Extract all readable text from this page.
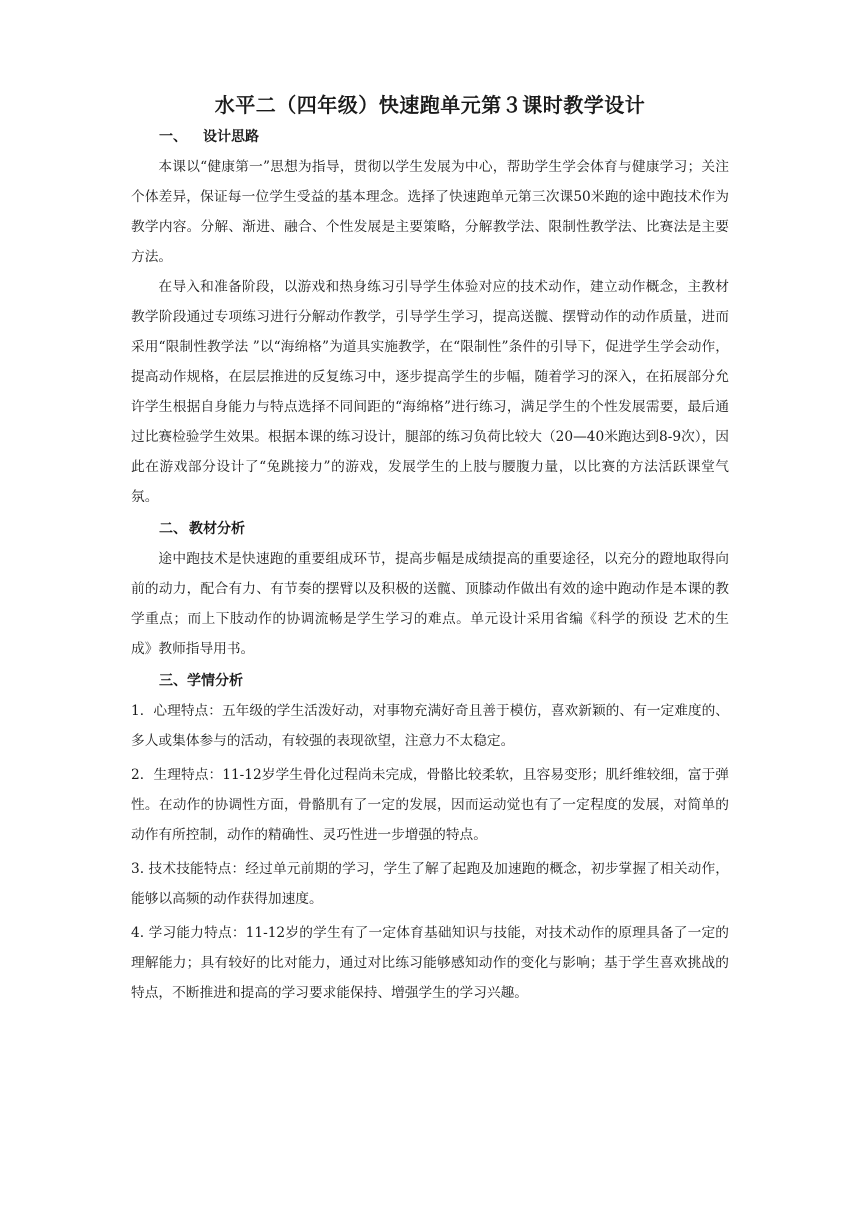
水平二（四年级）快速跑单元第３课时教学设计
一、 设计思路

本课以“健康第一”思想为指导，贯彻以学生发展为中心，帮助学生学会体育与健康学习；关注个体差异，保证每一位学生受益的基本理念。选择了快速跑单元第三次课50米跑的途中跑技术作为教学内容。分解、渐进、融合、个性发展是主要策略，分解教学法、限制性教学法、比赛法是主要方法。

在导入和准备阶段，以游戏和热身练习引导学生体验对应的技术动作，建立动作概念，主教材教学阶段通过专项练习进行分解动作教学，引导学生学习，提高送髋、摆臂动作的动作质量，进而采用“限制性教学法 ”以“海绵格”为道具实施教学，在“限制性”条件的引导下，促进学生学会动作，提高动作规格，在层层推进的反复练习中，逐步提高学生的步幅，随着学习的深入，在拓展部分允许学生根据自身能力与特点选择不同间距的“海绵格”进行练习，满足学生的个性发展需要，最后通过比赛检验学生效果。根据本课的练习设计，腿部的练习负荷比较大（20—40米跑达到8-9次），因此在游戏部分设计了“兔跳接力”的游戏，发展学生的上肢与腰腹力量，以比赛的方法活跃课堂气氛。

二、 教材分析

途中跑技术是快速跑的重要组成环节，提高步幅是成绩提高的重要途径，以充分的蹬地取得向前的动力，配合有力、有节奏的摆臂以及积极的送髋、顶膝动作做出有效的途中跑动作是本课的教学重点；而上下肢动作的协调流畅是学生学习的难点。单元设计采用省编《科学的预设 艺术的生成》教师指导用书。

三、学情分析

1．心理特点：五年级的学生活泼好动，对事物充满好奇且善于模仿，喜欢新颖的、有一定难度的、多人或集体参与的活动，有较强的表现欲望，注意力不太稳定。

2．生理特点：11-12岁学生骨化过程尚未完成，骨骼比较柔软，且容易变形；肌纤维较细，富于弹性。在动作的协调性方面，骨骼肌有了一定的发展，因而运动觉也有了一定程度的发展，对简单的动作有所控制，动作的精确性、灵巧性进一步增强的特点。

3. 技术技能特点：经过单元前期的学习，学生了解了起跑及加速跑的概念，初步掌握了相关动作，能够以高频的动作获得加速度。

4. 学习能力特点：11-12岁的学生有了一定体育基础知识与技能，对技术动作的原理具备了一定的理解能力；具有较好的比对能力，通过对比练习能够感知动作的变化与影响；基于学生喜欢挑战的特点，不断推进和提高的学习要求能保持、增强学生的学习兴趣。
